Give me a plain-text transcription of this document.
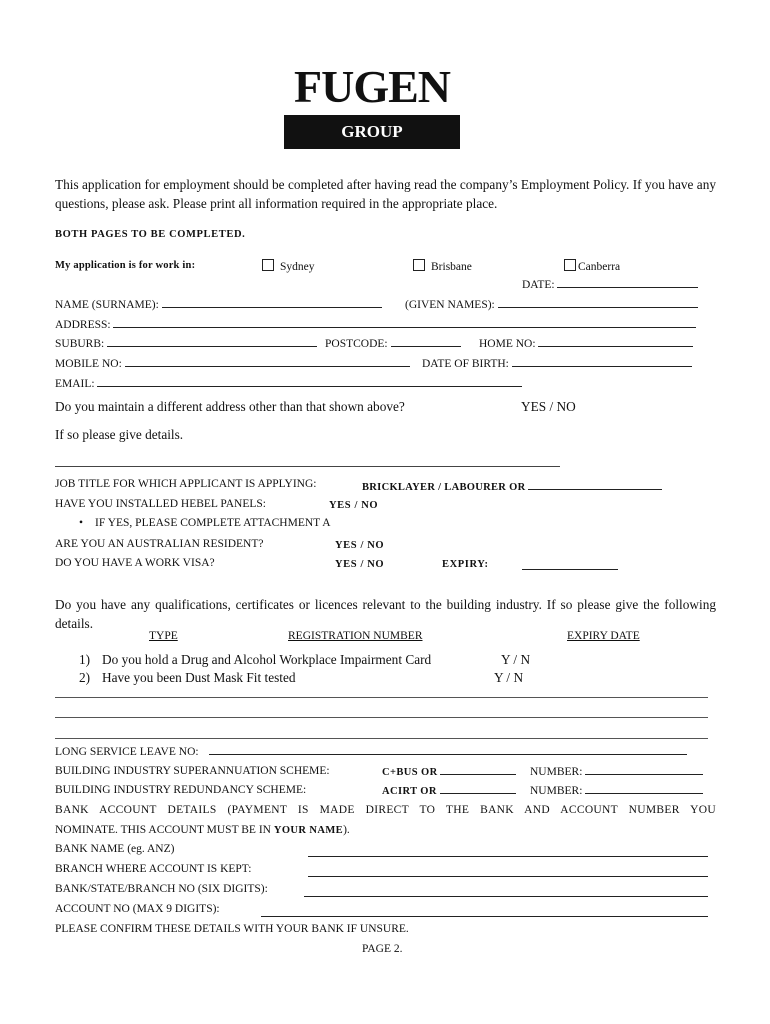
FUGEN
GROUP
This application for employment should be completed after having read the company’s Employment Policy. If you have any questions, please ask. Please print all information required in the appropriate place.
BOTH PAGES TO BE COMPLETED.
My application is for work in:	Sydney	Brisbane	Canberra
DATE:
NAME (SURNAME):	(GIVEN NAMES):
ADDRESS:
SUBURB:	POSTCODE:	HOME NO:
MOBILE NO:	DATE OF BIRTH:
EMAIL:
Do you maintain a different address other than that shown above?	YES / NO
If so please give details.
JOB TITLE FOR WHICH APPLICANT IS APPLYING:	BRICKLAYER / LABOURER OR
HAVE YOU INSTALLED HEBEL PANELS:	YES / NO
• IF YES, PLEASE COMPLETE ATTACHMENT A
ARE YOU AN AUSTRALIAN RESIDENT?	YES / NO
DO YOU HAVE A WORK VISA?	YES / NO	EXPIRY:
Do you have any qualifications, certificates or licences relevant to the building industry. If so please give the following details.
TYPE	REGISTRATION NUMBER	EXPIRY DATE
1) Do you hold a Drug and Alcohol Workplace Impairment Card	Y / N
2) Have you been Dust Mask Fit tested	Y / N
LONG SERVICE LEAVE NO:
BUILDING INDUSTRY SUPERANNUATION SCHEME:	C+BUS OR	NUMBER:
BUILDING INDUSTRY REDUNDANCY SCHEME:	ACIRT OR	NUMBER:
BANK ACCOUNT DETAILS (PAYMENT IS MADE DIRECT TO THE BANK AND ACCOUNT NUMBER YOU
NOMINATE. THIS ACCOUNT MUST BE IN YOUR NAME).
BANK NAME (eg. ANZ)
BRANCH WHERE ACCOUNT IS KEPT:
BANK/STATE/BRANCH NO (SIX DIGITS):
ACCOUNT NO (MAX 9 DIGITS):
PLEASE CONFIRM THESE DETAILS WITH YOUR BANK IF UNSURE.
PAGE 2.
